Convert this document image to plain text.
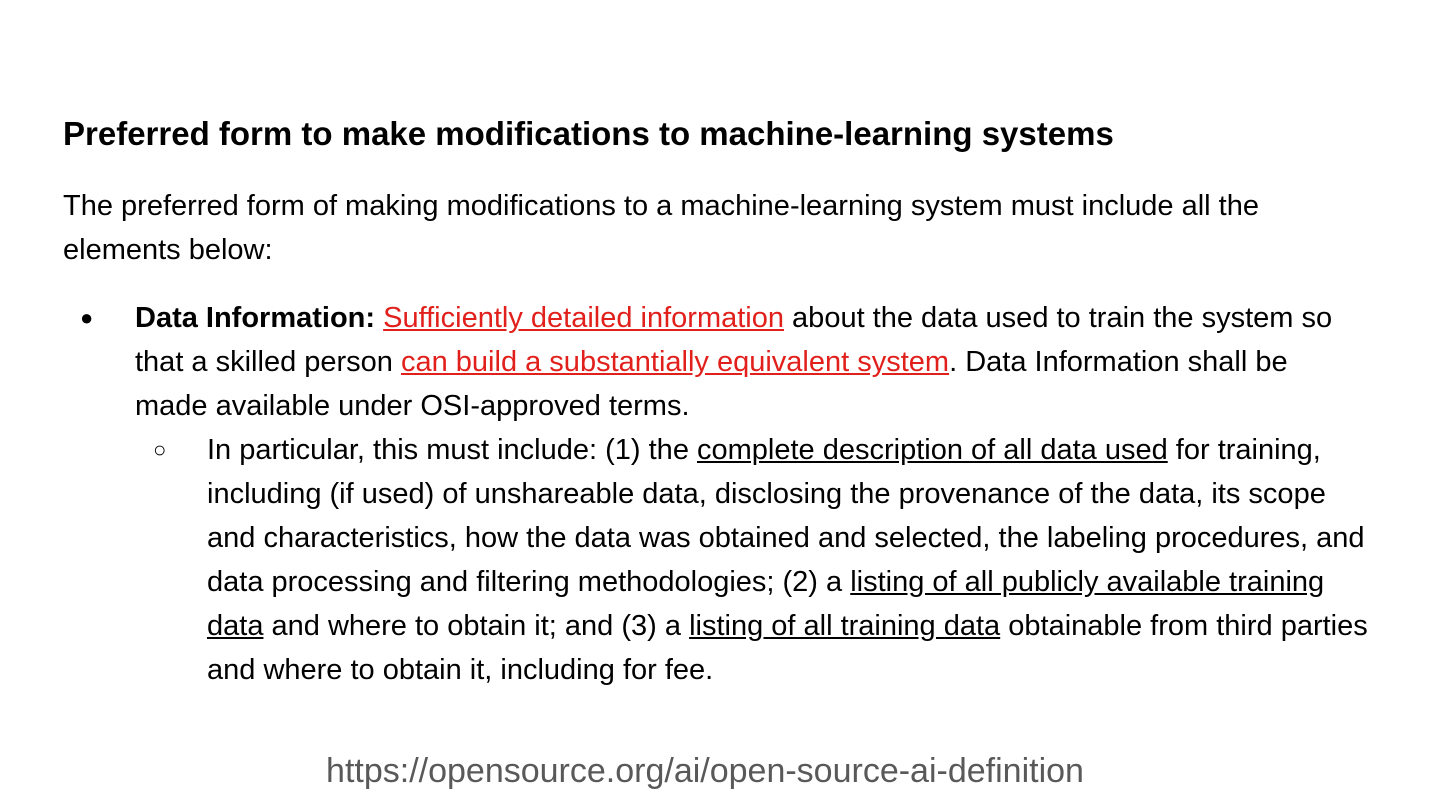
Preferred form to make modifications to machine-learning systems

The preferred form of making modifications to a machine-learning system must include all the elements below:

● Data Information: Sufficiently detailed information about the data used to train the system so that a skilled person can build a substantially equivalent system. Data Information shall be made available under OSI-approved terms.

○ In particular, this must include: (1) the complete description of all data used for training, including (if used) of unshareable data, disclosing the provenance of the data, its scope and characteristics, how the data was obtained and selected, the labeling procedures, and data processing and filtering methodologies; (2) a listing of all publicly available training data and where to obtain it; and (3) a listing of all training data obtainable from third parties and where to obtain it, including for fee.

https://opensource.org/ai/open-source-ai-definition
